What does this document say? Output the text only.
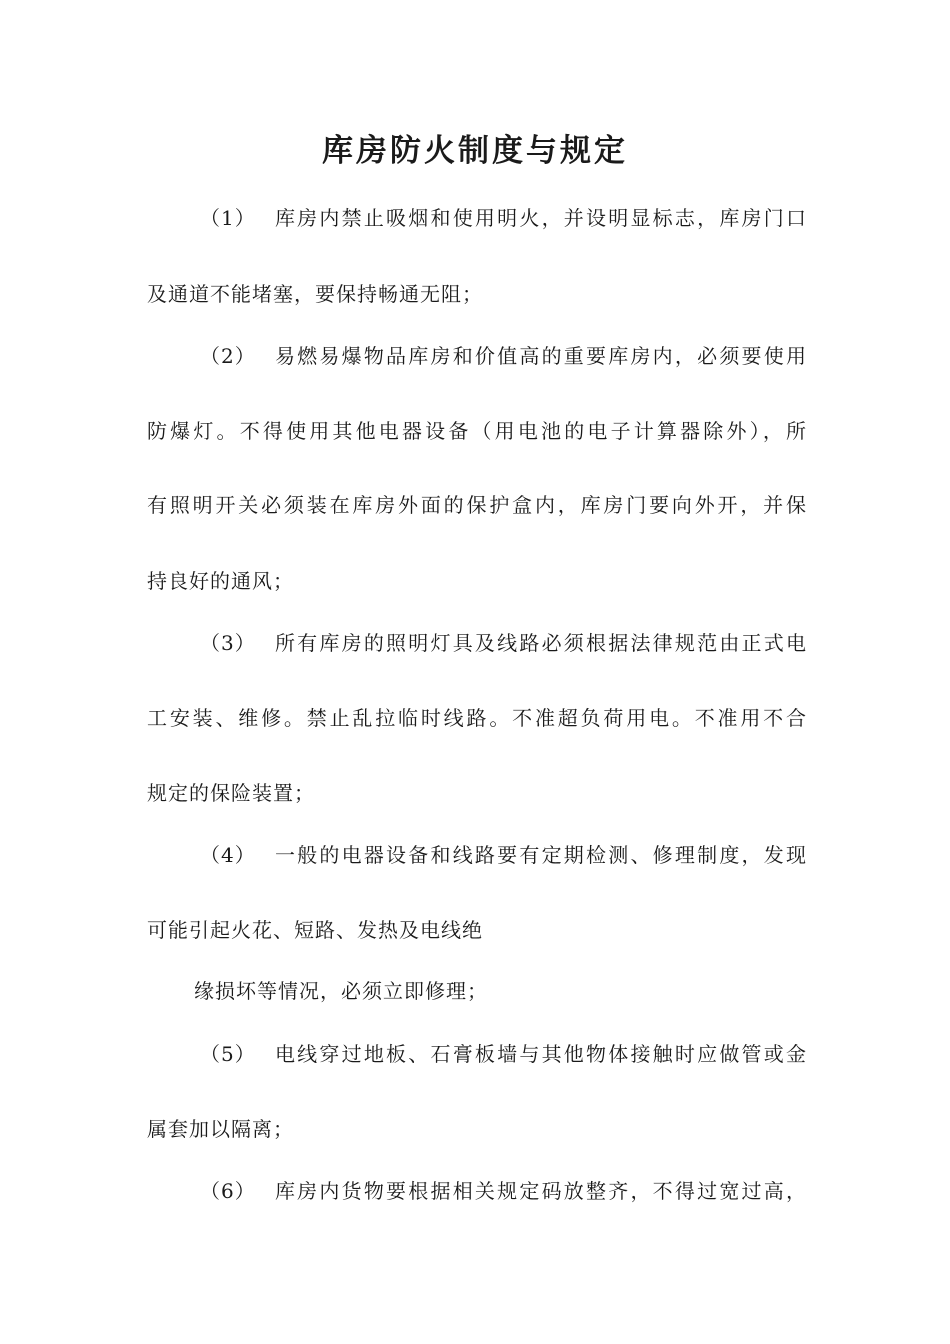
库房防火制度与规定
（1） 库房内禁止吸烟和使用明火，并设明显标志，库房门口
及通道不能堵塞，要保持畅通无阻；
（2） 易燃易爆物品库房和价值高的重要库房内，必须要使用
防爆灯。不得使用其他电器设备（用电池的电子计算器除外），所
有照明开关必须装在库房外面的保护盒内，库房门要向外开，并保
持良好的通风；
（3） 所有库房的照明灯具及线路必须根据法律规范由正式电
工安装、维修。禁止乱拉临时线路。不准超负荷用电。不准用不合
规定的保险装置；
（4） 一般的电器设备和线路要有定期检测、修理制度，发现
可能引起火花、短路、发热及电线绝
缘损坏等情况，必须立即修理；
（5） 电线穿过地板、石膏板墙与其他物体接触时应做管或金
属套加以隔离；
（6） 库房内货物要根据相关规定码放整齐，不得过宽过高，
